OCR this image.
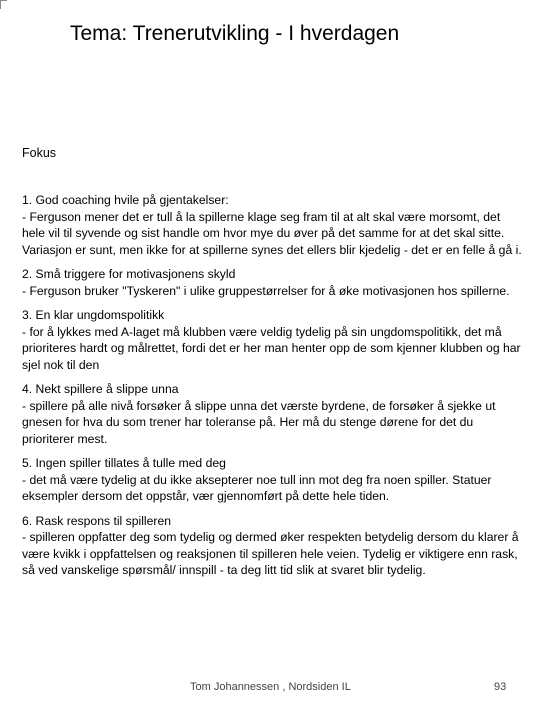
Tema: Trenerutvikling - I hverdagen
Fokus
1. God coaching hvile på gjentakelser:
- Ferguson mener det er tull å la spillerne klage seg fram til at alt skal være morsomt, det hele vil til syvende og sist handle om hvor mye du øver på det samme for at det skal sitte. Variasjon er sunt, men ikke for at spillerne synes det ellers blir kjedelig - det er en felle å gå i.
2. Små triggere for motivasjonens skyld
- Ferguson bruker "Tyskeren" i ulike gruppestørrelser for å øke motivasjonen hos spillerne.
3. En klar ungdomspolitikk
- for å lykkes med A-laget må klubben være veldig tydelig på sin ungdomspolitikk, det må prioriteres hardt og målrettet, fordi det er her man henter opp de som kjenner klubben og har sjel nok til den
4. Nekt spillere å slippe unna
- spillere på alle nivå forsøker å slippe unna det værste byrdene, de forsøker å sjekke ut gnesen for hva du som trener har toleranse på. Her må du stenge dørene for det du prioriterer mest.
5. Ingen spiller tillates å tulle med deg
- det må være tydelig at du ikke aksepterer noe tull inn mot deg fra noen spiller. Statuer eksempler dersom det oppstår, vær gjennomført på dette hele tiden.
6. Rask respons til spilleren
- spilleren oppfatter deg som tydelig og dermed øker respekten betydelig dersom du klarer å være kvikk i oppfattelsen og reaksjonen til spilleren hele veien. Tydelig er viktigere enn rask, så ved vanskelige spørsmål/ innspill - ta deg litt tid slik at svaret blir tydelig.
Tom Johannessen , Nordsiden IL	93
